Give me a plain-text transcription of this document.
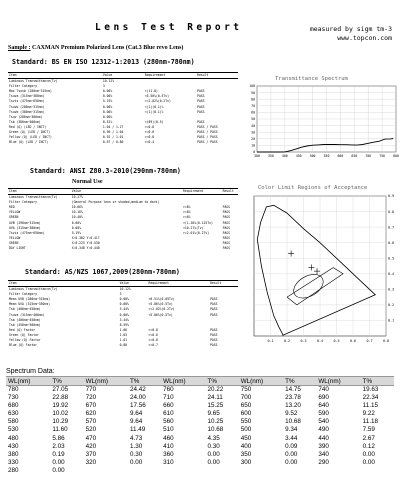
Lens Test Report	measured by sigm tm-3
www.topcon.com
Sample : CAXMAN Premium Polarized Lens (Cat.3 Blue revo Lens)
Standard: BS EN ISO 12312-1:2013 (280nm-780nm)
Item	Value	Requirement	Result
Luminous Transmittance(Tv)	10.12%		
Filter Category	3		
Max Tsuvb (280nm~315nm)	0.00%	<(11.0)	PASS

Tsuva (315nm~380nm)	0.00%	<5.50%(0.5Tv)	PASS
Tsvis (475nm~650nm)	5.19%	>=2.02%(0.2Tv)	PASS
Tsuvb (280nm~315nm)	0.00%	<(1)(0.1)%	PASS
Tsuvb (380nm~315nm)	0.00%	<(1)(0.1)%	PASS
Tsuv (280nm~380nm)	0.00%		
Tsb (380nm~500nm)	8.52%	<(89)(0.5)	PASS
Red (Q) (LED / INCT)	1.04 / 1.27	>=0.8	PASS / PASS
Green (Q) (LED / INCT)	0.96 / 1.04	>=0.6	PASS / PASS
Yellow (Q) (LED / INCT)	0.92 / 1.01	>=0.8	PASS / PASS
Blue (Q) (LED / INCT)	0.67 / 0.80	>=0.4	PASS / PASS
Standard: ANSI Z80.3-2010(290nm-780nm)
Normal Use
Item	Value	Requirement	Result
Luminous Transmittance(Tv)	10.27%		
Filter Category	(General Purpose lens or shaded,medium to dark)		
RED	10.66%	>=8%	PASS
YELLOW	10.16%	>=6%	PASS
GREEN	10.40%	>=6%	PASS
UVB (290nm~315nm)	0.00%	<(1.28%(0.125Tv)	PASS
UVA (315nm~380nm)	0.00%	<10.27%(Tv)	PASS
Tsvis (475nm~650nm)	5.19%	>=2.01%(0.2Tv)	PASS
YELLOW	X:0.382 Y:0.417		PASS
GREEN	X:0.225 Y:0.530		PASS
DAY LIGHT	X:0.348 Y:0.440		PASS
Standard: AS/NZS 1067,2009(280nm-780nm)
Item	Value	Requirement	Result
Luminous Transmittance(Tv)	10.12%		
Filter Category	3		
Mean UVB (280nm~315nm)	0.00%	<0.51%(0.05Tv)	PASS
Mean UVA (315nm~350nm)	0.00%	<5.06%(0.5Tv)	PASS
Tsb (400nm~450nm)	3.44%	>=2.02%(0.2Tv)	PASS
Tsuva (315nm~400nm)	0.00%	<5.06%(0.5Tv)	PASS
Tsb (400nm~450nm)	3.44%		
Tsb (450nm~500nm)	8.59%		
Red (Q) Factor	1.06	>=0.8	PASS
Green (Q) Factor	1.03	>=0.6	PASS
Yellow (Q) Factor	1.01	>=0.8	PASS
Blue (Q) Factor	0.80	>=0.7	PASS
Transmittance Spectrum
300	350	400	450	500	550	600	650	700	750	800
0
10
20
30
40
50
60
70
80
90
100
Color Limit Regions of Acceptance
0.1	0.2	0.3	0.4	0.5	0.6	0.7	0.8
0.1
0.2
0.3
0.4
0.5
0.6
0.7
0.8
0.9
Spectrum Data:
WL(nm)	T%	WL(nm)	T%	WL(nm)	T%	WL(nm)	T%	WL(nm)	T%
780	27.05	770	24.42	760	20.22	750	14.75	740	19.63
730	22.88	720	24.00	710	24.11	700	23.78	690	22.34
680	19.92	670	17.56	660	15.25	650	13.20	640	11.15
630	10.02	620	9.64	610	9.65	600	9.52	590	9.22
580	10.29	570	9.64	560	10.25	550	10.68	540	11.18
530	11.60	520	11.49	510	10.68	500	9.34	490	7.59
480	5.86	470	4.73	460	4.35	450	3.44	440	2.67
430	2.03	420	1.30	410	0.30	400	0.09	390	0.12
380	0.19	370	0.30	360	0.00	350	0.00	340	0.00
330	0.00	320	0.00	310	0.00	300	0.00	290	0.00
280	0.00								
